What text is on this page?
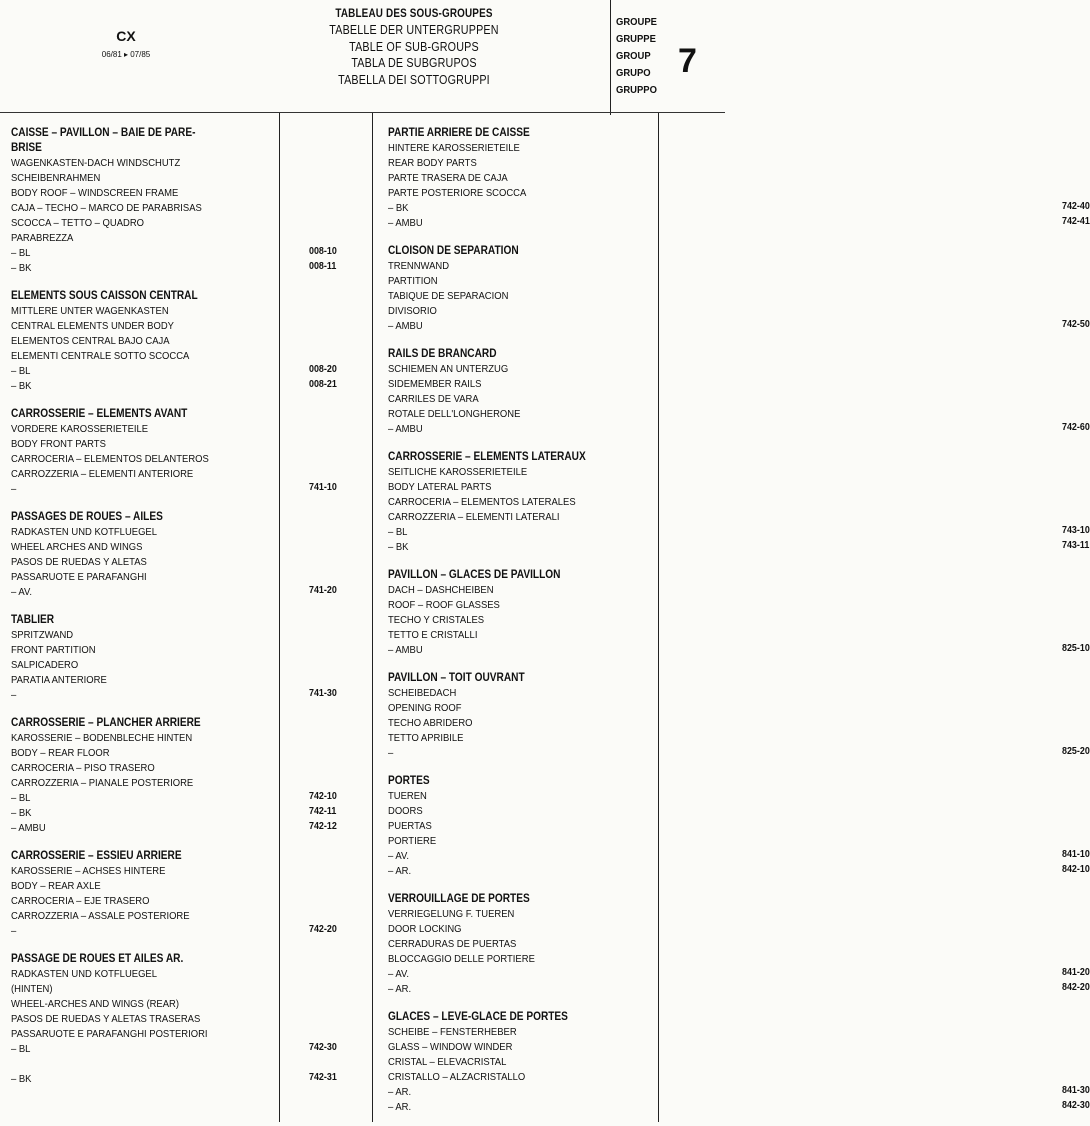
CX
06/81 ▸ 07/85
TABLEAU DES SOUS-GROUPES
TABELLE DER UNTERGRUPPEN
TABLE OF SUB-GROUPS
TABLA DE SUBGRUPOS
TABELLA DEI SOTTOGRUPPI
GROUPE
GRUPPE
GROUP
GRUPO
GRUPPO
7
CAISSE – PAVILLON – BAIE DE PARE-
BRISE
WAGENKASTEN-DACH WINDSCHUTZ
SCHEIBENRAHMEN
BODY ROOF – WINDSCREEN FRAME
CAJA – TECHO – MARCO DE PARABRISAS
SCOCCA – TETTO – QUADRO
PARABREZZA
– BL	008-10
– BK	008-11
ELEMENTS SOUS CAISSON CENTRAL
MITTLERE UNTER WAGENKASTEN
CENTRAL ELEMENTS UNDER BODY
ELEMENTOS CENTRAL BAJO CAJA
ELEMENTI CENTRALE SOTTO SCOCCA
– BL	008-20
– BK	008-21
CARROSSERIE – ELEMENTS AVANT
VORDERE KAROSSERIETEILE
BODY FRONT PARTS
CARROCERIA – ELEMENTOS DELANTEROS
CARROZZERIA – ELEMENTI ANTERIORE
–	741-10
PASSAGES DE ROUES – AILES
RADKASTEN UND KOTFLUEGEL
WHEEL ARCHES AND WINGS
PASOS DE RUEDAS Y ALETAS
PASSARUOTE E PARAFANGHI
– AV.	741-20
TABLIER
SPRITZWAND
FRONT PARTITION
SALPICADERO
PARATIA ANTERIORE
–	741-30
CARROSSERIE – PLANCHER ARRIERE
KAROSSERIE – BODENBLECHE HINTEN
BODY – REAR FLOOR
CARROCERIA – PISO TRASERO
CARROZZERIA – PIANALE POSTERIORE
– BL	742-10
– BK	742-11
– AMBU	742-12
CARROSSERIE – ESSIEU ARRIERE
KAROSSERIE – ACHSES HINTERE
BODY – REAR AXLE
CARROCERIA – EJE TRASERO
CARROZZERIA – ASSALE POSTERIORE
–	742-20
PASSAGE DE ROUES ET AILES AR.
RADKASTEN UND KOTFLUEGEL
(HINTEN)
WHEEL-ARCHES AND WINGS (REAR)
PASOS DE RUEDAS Y ALETAS TRASERAS
PASSARUOTE E PARAFANGHI POSTERIORI
– BL	742-30
– BK	742-31
PARTIE ARRIERE DE CAISSE
HINTERE KAROSSERIETEILE
REAR BODY PARTS
PARTE TRASERA DE CAJA
PARTE POSTERIORE SCOCCA
– BK	742-40
– AMBU	742-41
CLOISON DE SEPARATION
TRENNWAND
PARTITION
TABIQUE DE SEPARACION
DIVISORIO
– AMBU	742-50
RAILS DE BRANCARD
SCHIEMEN AN UNTERZUG
SIDEMEMBER RAILS
CARRILES DE VARA
ROTALE DELL'LONGHERONE
– AMBU	742-60
CARROSSERIE – ELEMENTS LATERAUX
SEITLICHE KAROSSERIETEILE
BODY LATERAL PARTS
CARROCERIA – ELEMENTOS LATERALES
CARROZZERIA – ELEMENTI LATERALI
– BL	743-10
– BK	743-11
PAVILLON – GLACES DE PAVILLON
DACH – DASHCHEIBEN
ROOF – ROOF GLASSES
TECHO Y CRISTALES
TETTO E CRISTALLI
– AMBU	825-10
PAVILLON – TOIT OUVRANT
SCHEIBEDACH
OPENING ROOF
TECHO ABRIDERO
TETTO APRIBILE
–	825-20
PORTES
TUEREN
DOORS
PUERTAS
PORTIERE
– AV.	841-10
– AR.	842-10
VERROUILLAGE DE PORTES
VERRIEGELUNG F. TUEREN
DOOR LOCKING
CERRADURAS DE PUERTAS
BLOCCAGGIO DELLE PORTIERE
– AV.	841-20
– AR.	842-20
GLACES – LEVE-GLACE DE PORTES
SCHEIBE – FENSTERHEBER
GLASS – WINDOW WINDER
CRISTAL – ELEVACRISTAL
CRISTALLO – ALZACRISTALLO
– AR.	841-30
– AR.	842-30
